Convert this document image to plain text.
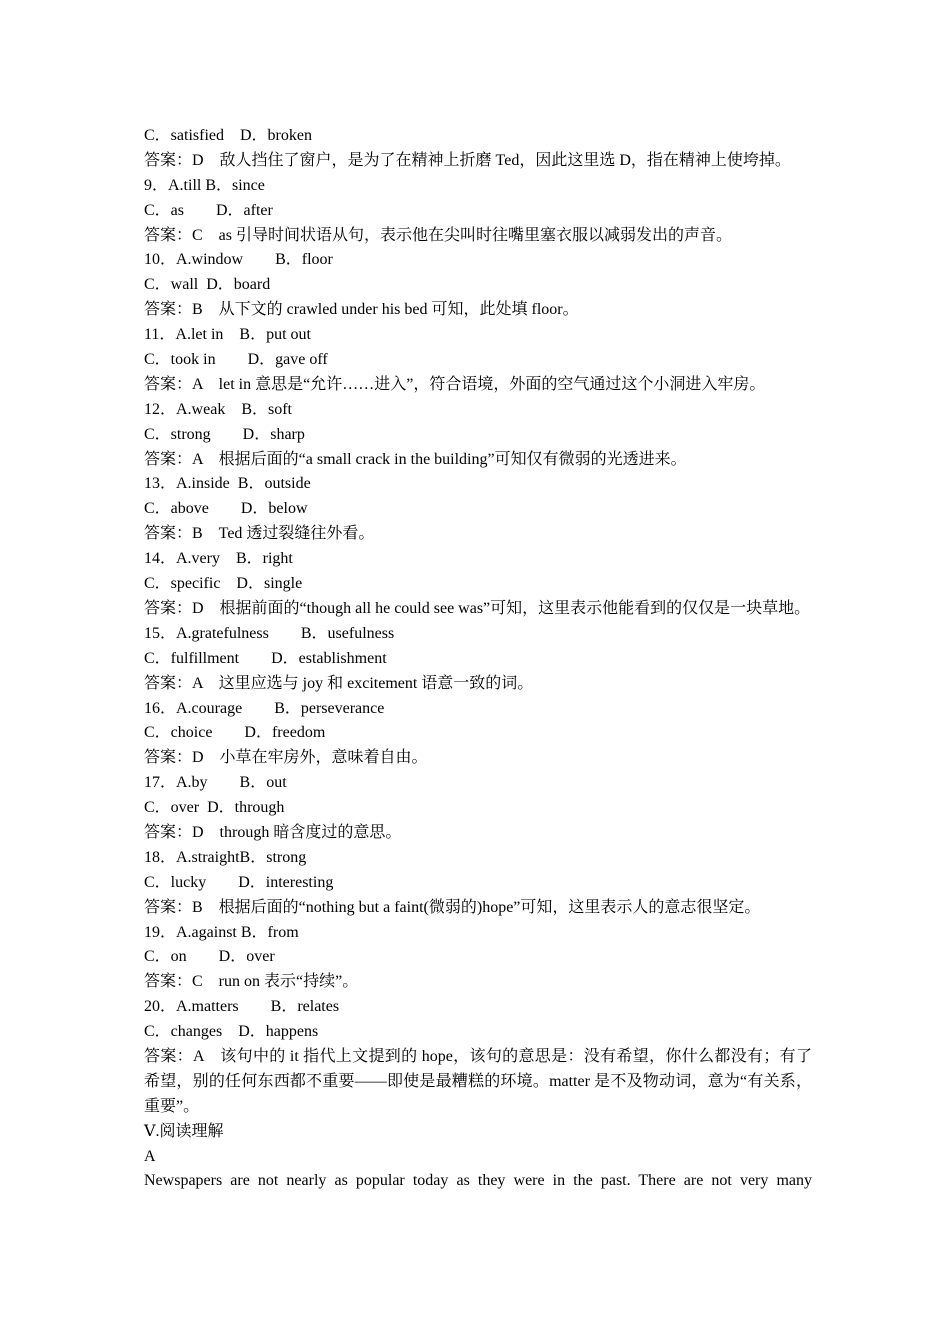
C．satisfied　D．broken
答案：D　敌人挡住了窗户，是为了在精神上折磨 Ted，因此这里选 D，指在精神上使垮掉。
9．A.till B．since
C．as　　D．after
答案：C　as 引导时间状语从句，表示他在尖叫时往嘴里塞衣服以减弱发出的声音。
10．A.window　　B．floor
C．wall  D．board
答案：B　从下文的 crawled under his bed 可知，此处填 floor。
11．A.let in　B．put out
C．took in　　D．gave off
答案：A　let in 意思是“允许……进入”，符合语境，外面的空气通过这个小洞进入牢房。
12．A.weak　B．soft
C．strong　　D．sharp
答案：A　根据后面的“a small crack in the building”可知仅有微弱的光透进来。
13．A.inside  B．outside
C．above　　D．below
答案：B　Ted 透过裂缝往外看。
14．A.very　B．right
C．specific　D．single
答案：D　根据前面的“though all he could see was”可知，这里表示他能看到的仅仅是一块草地。
15．A.gratefulness　　B．usefulness
C．fulfillment　　D．establishment
答案：A　这里应选与 joy 和 excitement 语意一致的词。
16．A.courage　　B．perseverance
C．choice　　D．freedom
答案：D　小草在牢房外，意味着自由。
17．A.by　　B．out
C．over  D．through
答案：D　through 暗含度过的意思。
18．A.straightB．strong
C．lucky　　D．interesting
答案：B　根据后面的“nothing but a faint(微弱的)hope”可知，这里表示人的意志很坚定。
19．A.against B．from
C．on　　D．over
答案：C　run on 表示“持续”。
20．A.matters　　B．relates
C．changes　D．happens
答案：A　该句中的 it 指代上文提到的 hope，该句的意思是：没有希望，你什么都没有；有了希望，别的任何东西都不重要——即使是最糟糕的环境。matter 是不及物动词，意为“有关系，重要”。
Ⅴ.阅读理解
A
Newspapers are not nearly as popular today as they were in the past. There are not very many
